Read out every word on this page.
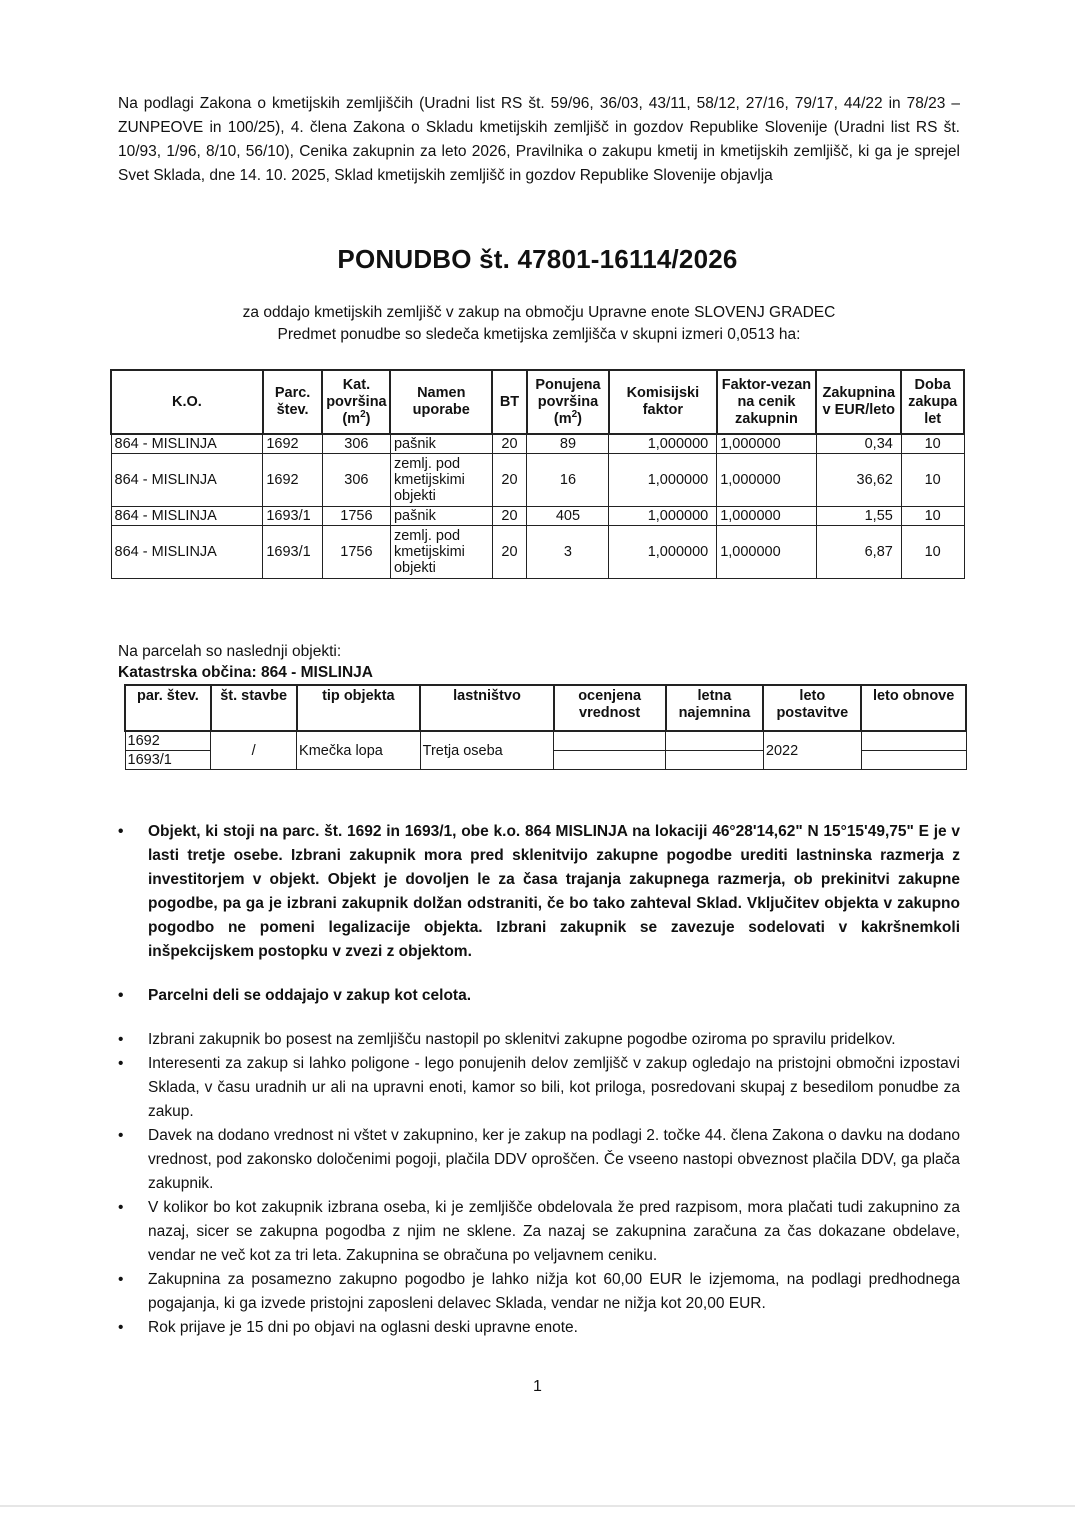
Na podlagi Zakona o kmetijskih zemljiščih (Uradni list RS št. 59/96, 36/03, 43/11, 58/12, 27/16, 79/17, 44/22 in 78/23 – ZUNPEOVE in 100/25), 4. člena Zakona o Skladu kmetijskih zemljišč in gozdov Republike Slovenije (Uradni list RS št. 10/93, 1/96, 8/10, 56/10), Cenika zakupnin za leto 2026, Pravilnika o zakupu kmetij in kmetijskih zemljišč, ki ga je sprejel Svet Sklada, dne 14. 10. 2025, Sklad kmetijskih zemljišč in gozdov Republike Slovenije objavlja
PONUDBO št. 47801-16114/2026
za oddajo kmetijskih zemljišč v zakup na območju Upravne enote SLOVENJ GRADEC
Predmet ponudbe so sledeča kmetijska zemljišča v skupni izmeri 0,0513 ha:
K.O.	Parc.
štev.	Kat.
površina
$(m^2)$	Namen
uporabe	BT	Ponujena
površina
$(m^2)$	Komisijski
faktor	Faktor-vezan
na cenik
zakupnin	Zakupnina
v EUR/leto	Doba
zakupa
let
864 - MISLINJA	1692	306	pašnik	20	89	1,000000	1,000000	0,34	10
864 - MISLINJA	1692	306	zemlj. pod
kmetijskimi
objekti	20	16	1,000000	1,000000	36,62	10
864 - MISLINJA	1693/1	1756	pašnik	20	405	1,000000	1,000000	1,55	10
864 - MISLINJA	1693/1	1756	zemlj. pod
kmetijskimi
objekti	20	3	1,000000	1,000000	6,87	10
Na parcelah so naslednji objekti:
Katastrska občina: 864 - MISLINJA
par. štev.	št. stavbe	tip objekta	lastništvo	ocenjena
vrednost	letna
najemnina	leto
postavitve	leto obnove
1692	/	Kmečka lopa	Tretja oseba			2022	
1693/1							
• Objekt, ki stoji na parc. št. 1692 in 1693/1, obe k.o. 864 MISLINJA na lokaciji 46°28'14,62" N 15°15'49,75" E je v lasti tretje osebe. Izbrani zakupnik mora pred sklenitvijo zakupne pogodbe urediti lastninska razmerja z investitorjem v objekt. Objekt je dovoljen le za časa trajanja zakupnega razmerja, ob prekinitvi zakupne pogodbe, pa ga je izbrani zakupnik dolžan odstraniti, če bo tako zahteval Sklad. Vključitev objekta v zakupno pogodbo ne pomeni legalizacije objekta. Izbrani zakupnik se zavezuje sodelovati v kakršnemkoli inšpekcijskem postopku v zvezi z objektom.
• Parcelni deli se oddajajo v zakup kot celota.
• Izbrani zakupnik bo posest na zemljišču nastopil po sklenitvi zakupne pogodbe oziroma po spravilu pridelkov.
• Interesenti za zakup si lahko poligone - lego ponujenih delov zemljišč v zakup ogledajo na pristojni območni izpostavi Sklada, v času uradnih ur ali na upravni enoti, kamor so bili, kot priloga, posredovani skupaj z besedilom ponudbe za zakup.
• Davek na dodano vrednost ni vštet v zakupnino, ker je zakup na podlagi 2. točke 44. člena Zakona o davku na dodano vrednost, pod zakonsko določenimi pogoji, plačila DDV oproščen. Če vseeno nastopi obveznost plačila DDV, ga plača zakupnik.
• V kolikor bo kot zakupnik izbrana oseba, ki je zemljišče obdelovala že pred razpisom, mora plačati tudi zakupnino za nazaj, sicer se zakupna pogodba z njim ne sklene. Za nazaj se zakupnina zaračuna za čas dokazane obdelave, vendar ne več kot za tri leta. Zakupnina se obračuna po veljavnem ceniku.
• Zakupnina za posamezno zakupno pogodbo je lahko nižja kot 60,00 EUR le izjemoma, na podlagi predhodnega pogajanja, ki ga izvede pristojni zaposleni delavec Sklada, vendar ne nižja kot 20,00 EUR.
• Rok prijave je 15 dni po objavi na oglasni deski upravne enote.
1
